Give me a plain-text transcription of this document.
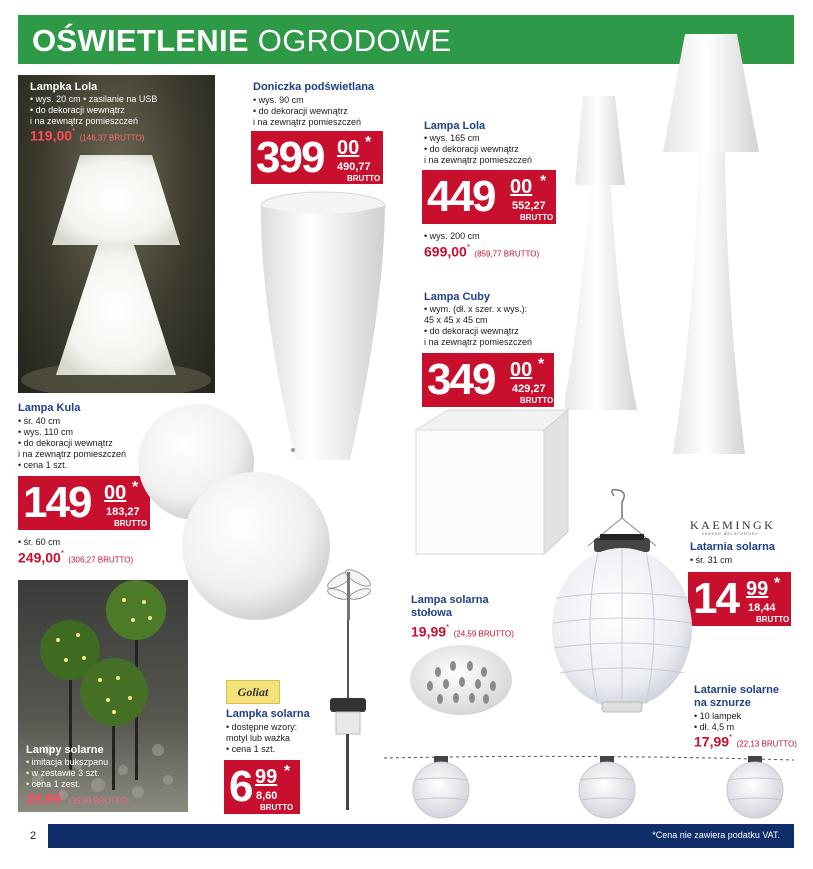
OŚWIETLENIE OGRODOWE
Lampka Lola
• wys. 20 cm • zasilanie na USB
• do dekoracji wewnątrz
i na zewnątrz pomieszczeń
119,00* (146,37 BRUTTO)
Doniczka podświetlana
• wys. 90 cm
• do dekoracji wewnątrz
i na zewnątrz pomieszczeń
399 00 *
490,77
BRUTTO
Lampa Lola
• wys. 165 cm
• do dekoracji wewnątrz
i na zewnątrz pomieszczeń
449 00 *
552,27
BRUTTO
• wys. 200 cm
699,00* (859,77 BRUTTO)
Lampa Cuby
• wym. (dł. x szer. x wys.):
45 x 45 x 45 cm
• do dekoracji wewnątrz
i na zewnątrz pomieszczeń
349 00 *
429,27
BRUTTO
Lampa Kula
• śr. 40 cm
• wys. 110 cm
• do dekoracji wewnątrz
i na zewnątrz pomieszczeń
• cena 1 szt.
149 00 *
183,27
BRUTTO
• śr. 60 cm
249,00* (306,27 BRUTTO)
KAEMINGK
season decorations
Latarnia solarna
• śr. 31 cm
14 99 *
18,44
BRUTTO
Lampa solarna
stołowa
19,99* (24,59 BRUTTO)
Lampy solarne
• imitacja bukszpanu
• w zestawie 3 szt.
• cena 1 zest.
29,99* (36,89 BRUTTO)
Goliat
Lampka solarna
• dostępne wzory:
motyl lub ważka
• cena 1 szt.
6 99 *
8,60
BRUTTO
Latarnie solarne
na sznurze
• 10 lampek
• dł. 4,5 m
17,99* (22,13 BRUTTO)
2	*Cena nie zawiera podatku VAT.
